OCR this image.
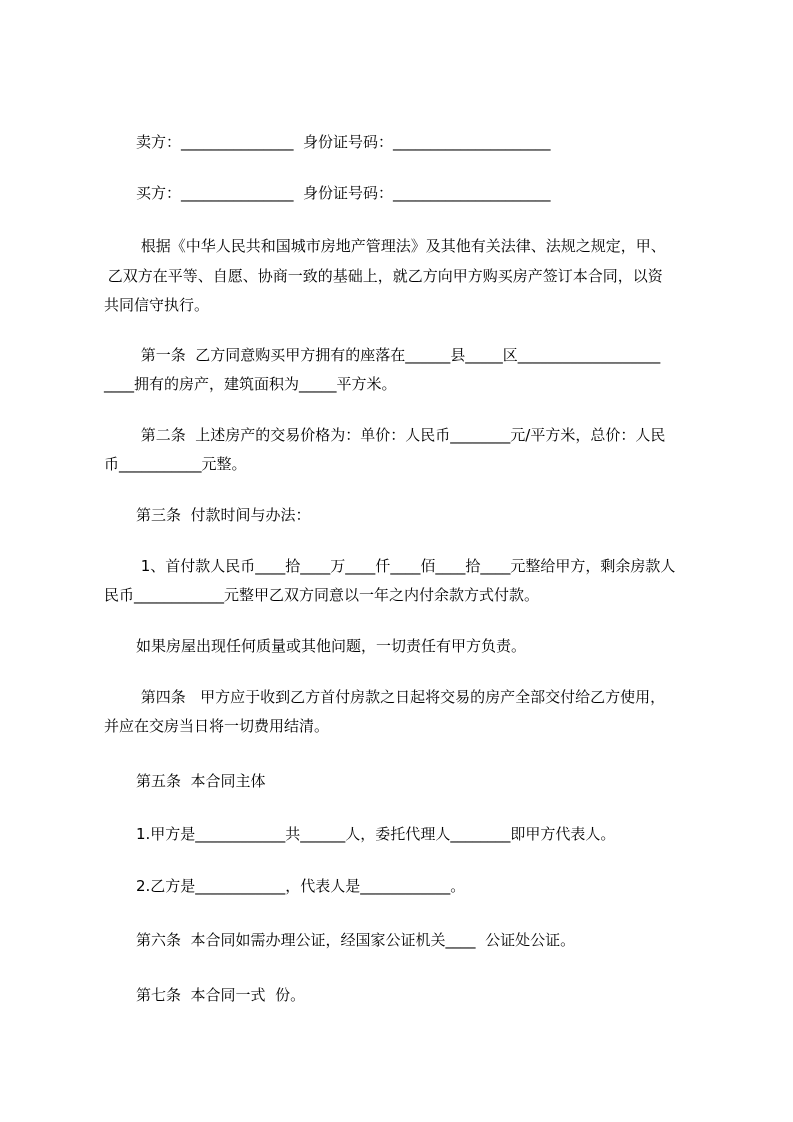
卖方：_______________  身份证号码：_____________________

买方：_______________  身份证号码：_____________________

根据《中华人民共和国城市房地产管理法》及其他有关法律、法规之规定，甲、

乙双方在平等、自愿、协商一致的基础上，就乙方向甲方购买房产签订本合同，以资

共同信守执行。

第一条  乙方同意购买甲方拥有的座落在______县_____区___________________

____拥有的房产，建筑面积为_____平方米。

第二条  上述房产的交易价格为：单价：人民币________元/平方米，总价：人民

币___________元整。

第三条  付款时间与办法：

1、首付款人民币____拾____万____仟____佰____拾____元整给甲方，剩余房款人

民币____________元整甲乙双方同意以一年之内付余款方式付款。

如果房屋出现任何质量或其他问题，一切责任有甲方负责。

第四条   甲方应于收到乙方首付房款之日起将交易的房产全部交付给乙方使用，

并应在交房当日将一切费用结清。

第五条  本合同主体

1.甲方是____________共______人，委托代理人________即甲方代表人。

2.乙方是____________，代表人是____________。

第六条  本合同如需办理公证，经国家公证机关____  公证处公证。

第七条  本合同一式  份。
